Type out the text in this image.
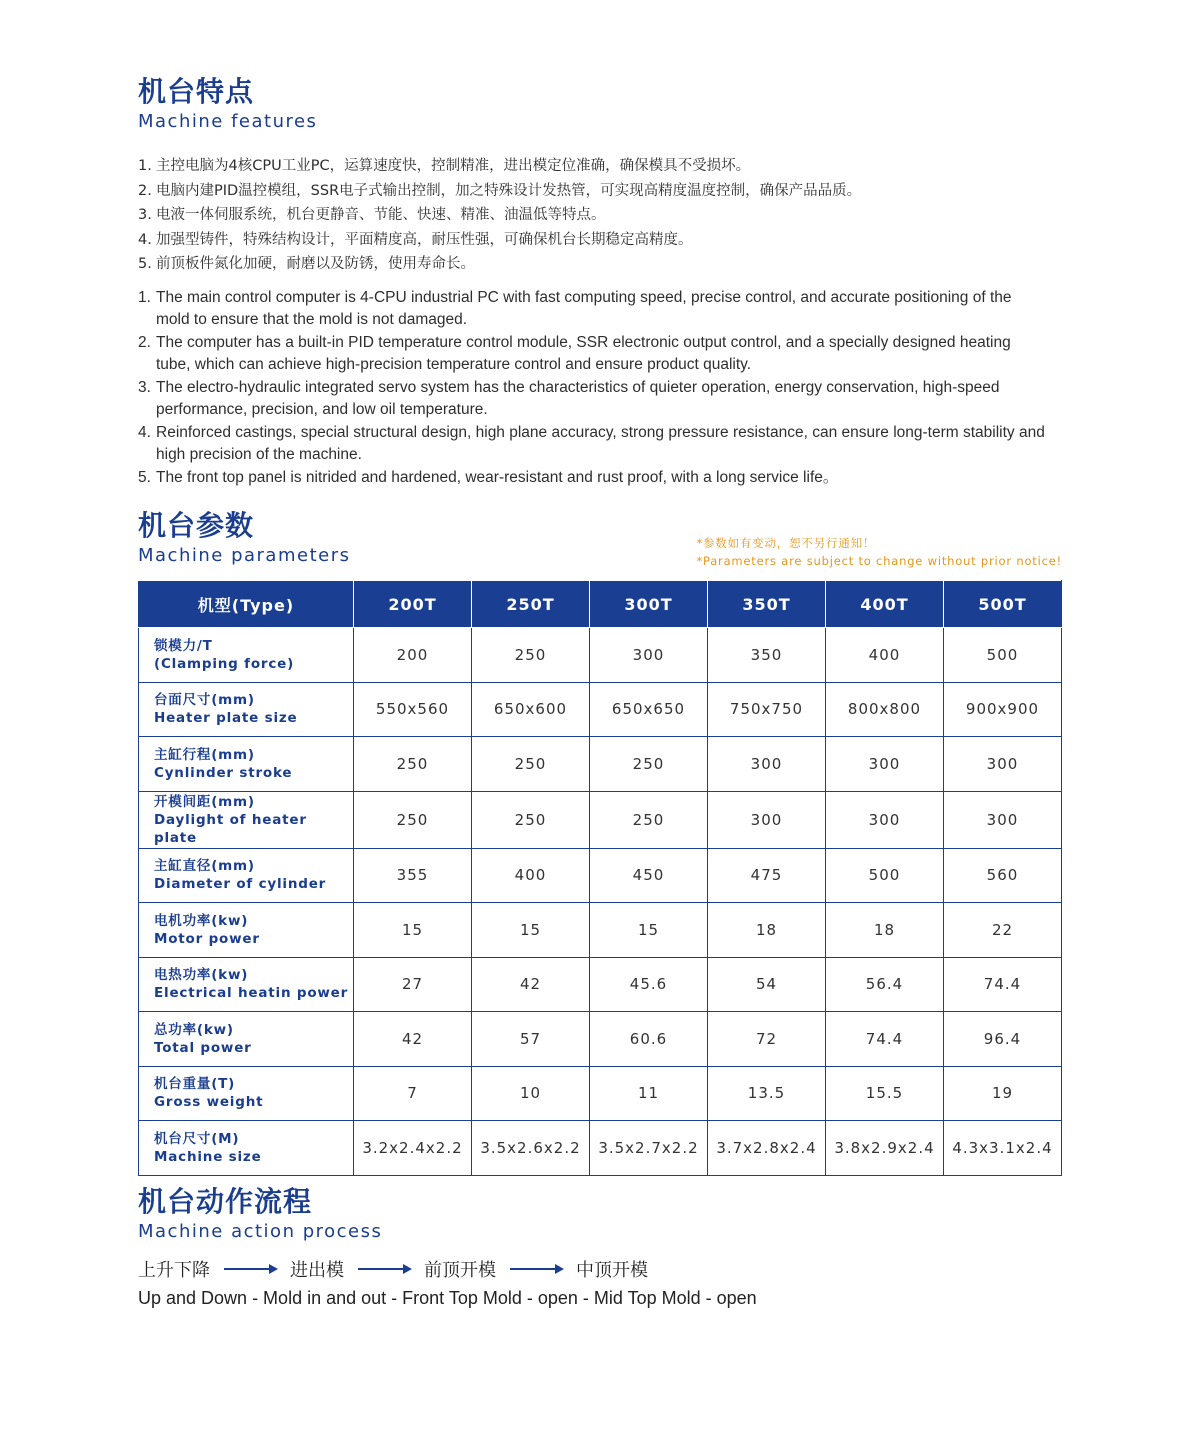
机台特点
Machine features
1. 主控电脑为4核CPU工业PC，运算速度快，控制精准，进出模定位准确，确保模具不受损坏。
2. 电脑内建PID温控模组，SSR电子式输出控制，加之特殊设计发热管，可实现高精度温度控制，确保产品品质。
3. 电液一体伺服系统，机台更静音、节能、快速、精准、油温低等特点。
4. 加强型铸件，特殊结构设计，平面精度高，耐压性强，可确保机台长期稳定高精度。
5. 前顶板件氮化加硬，耐磨以及防锈，使用寿命长。
1. The main control computer is 4-CPU industrial PC with fast computing speed, precise control, and accurate positioning of the mold to ensure that the mold is not damaged.
2. The computer has a built-in PID temperature control module, SSR electronic output control, and a specially designed heating tube, which can achieve high-precision temperature control and ensure product quality.
3. The electro-hydraulic integrated servo system has the characteristics of quieter operation, energy conservation, high-speed performance, precision, and low oil temperature.
4. Reinforced castings, special structural design, high plane accuracy, strong pressure resistance, can ensure long-term stability and high precision of the machine.
5. The front top panel is nitrided and hardened, wear-resistant and rust proof, with a long service life。
机台参数
Machine parameters
*参数如有变动，恕不另行通知！
*Parameters are subject to change without prior notice!
机型(Type)	200T	250T	300T	350T	400T	500T

锁模力/T
(Clamping force)	200	250	300	350	400	500

台面尺寸(mm)
Heater plate size	550x560	650x600	650x650	750x750	800x800	900x900

主缸行程(mm)
Cynlinder stroke	250	250	250	300	300	300

开模间距(mm)
Daylight of heater plate	250	250	250	300	300	300

主缸直径(mm)
Diameter of cylinder	355	400	450	475	500	560

电机功率(kw)
Motor power	15	15	15	18	18	22

电热功率(kw)
Electrical heatin power	27	42	45.6	54	56.4	74.4

总功率(kw)
Total power	42	57	60.6	72	74.4	96.4

机台重量(T)
Gross weight	7	10	11	13.5	15.5	19

机台尺寸(M)
Machine size	3.2x2.4x2.2	3.5x2.6x2.2	3.5x2.7x2.2	3.7x2.8x2.4	3.8x2.9x2.4	4.3x3.1x2.4
机台动作流程
Machine action process
上升下降	进出模	前顶开模	中顶开模
Up and Down - Mold in and out - Front Top Mold - open - Mid Top Mold - open
